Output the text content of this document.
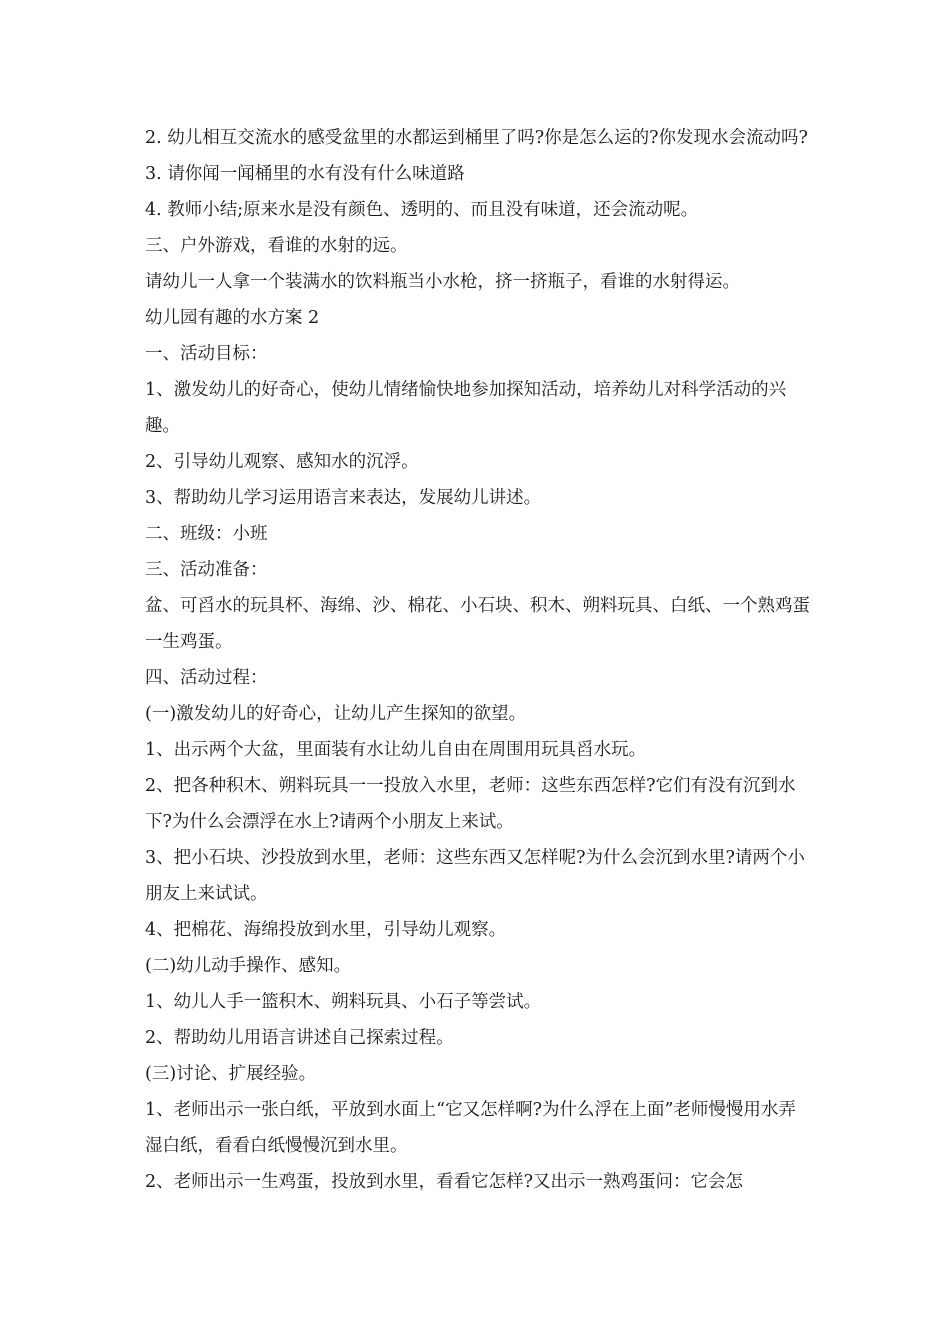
2. 幼儿相互交流水的感受盆里的水都运到桶里了吗?你是怎么运的?你发现水会流动吗?

3. 请你闻一闻桶里的水有没有什么味道路

4. 教师小结;原来水是没有颜色、透明的、而且没有味道，还会流动呢。

三、户外游戏，看谁的水射的远。

请幼儿一人拿一个装满水的饮料瓶当小水枪，挤一挤瓶子，看谁的水射得运。

幼儿园有趣的水方案 2

一、活动目标：

1、激发幼儿的好奇心，使幼儿情绪愉快地参加探知活动，培养幼儿对科学活动的兴趣。

2、引导幼儿观察、感知水的沉浮。

3、帮助幼儿学习运用语言来表达，发展幼儿讲述。

二、班级：小班

三、活动准备：

盆、可舀水的玩具杯、海绵、沙、棉花、小石块、积木、朔料玩具、白纸、一个熟鸡蛋一生鸡蛋。

四、活动过程：

(一)激发幼儿的好奇心，让幼儿产生探知的欲望。

1、出示两个大盆，里面装有水让幼儿自由在周围用玩具舀水玩。

2、把各种积木、朔料玩具一一投放入水里，老师：这些东西怎样?它们有没有沉到水下?为什么会漂浮在水上?请两个小朋友上来试。

3、把小石块、沙投放到水里，老师：这些东西又怎样呢?为什么会沉到水里?请两个小朋友上来试试。

4、把棉花、海绵投放到水里，引导幼儿观察。

(二)幼儿动手操作、感知。

1、幼儿人手一篮积木、朔料玩具、小石子等尝试。

2、帮助幼儿用语言讲述自己探索过程。

(三)讨论、扩展经验。

1、老师出示一张白纸，平放到水面上“它又怎样啊?为什么浮在上面”老师慢慢用水弄湿白纸，看看白纸慢慢沉到水里。

2、老师出示一生鸡蛋，投放到水里，看看它怎样?又出示一熟鸡蛋问：它会怎
